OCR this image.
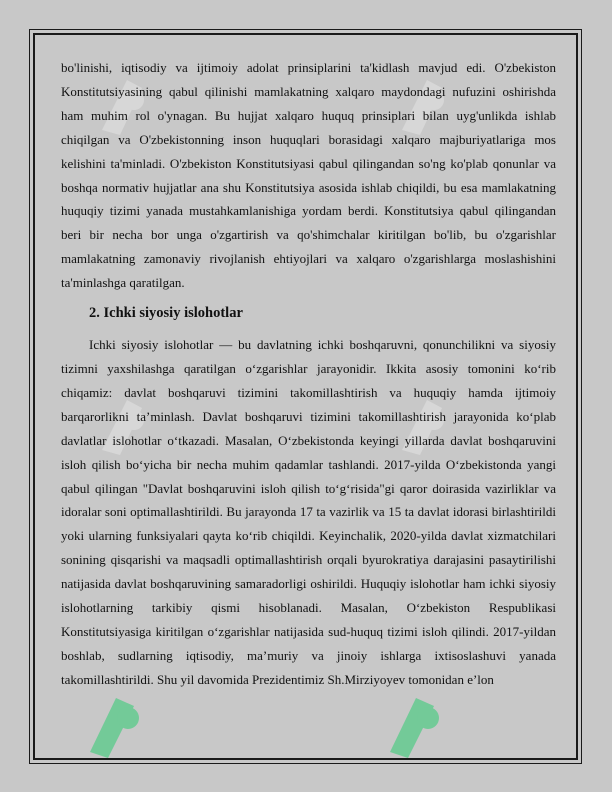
bo'linishi, iqtisodiy va ijtimoiy adolat prinsiplarini ta'kidlash mavjud edi. O'zbekiston Konstitutsiyasining qabul qilinishi mamlakatning xalqaro maydondagi nufuzini oshirishda ham muhim rol o'ynagan. Bu hujjat xalqaro huquq prinsiplari bilan uyg'unlikda ishlab chiqilgan va O'zbekistonning inson huquqlari borasidagi xalqaro majburiyatlariga mos kelishini ta'minladi. O'zbekiston Konstitutsiyasi qabul qilingandan so'ng ko'plab qonunlar va boshqa normativ hujjatlar ana shu Konstitutsiya asosida ishlab chiqildi, bu esa mamlakatning huquqiy tizimi yanada mustahkamlanishiga yordam berdi. Konstitutsiya qabul qilingandan beri bir necha bor unga o'zgartirish va qo'shimchalar kiritilgan bo'lib, bu o'zgarishlar mamlakatning zamonaviy rivojlanish ehtiyojlari va xalqaro o'zgarishlarga moslashishini ta'minlashga qaratilgan.

2. Ichki siyosiy islohotlar

Ichki siyosiy islohotlar — bu davlatning ichki boshqaruvni, qonunchilikni va siyosiy tizimni yaxshilashga qaratilgan o‘zgarishlar jarayonidir. Ikkita asosiy tomonini ko‘rib chiqamiz: davlat boshqaruvi tizimini takomillashtirish va huquqiy hamda ijtimoiy barqarorlikni ta’minlash. Davlat boshqaruvi tizimini takomillashtirish jarayonida ko‘plab davlatlar islohotlar o‘tkazadi. Masalan, O‘zbekistonda keyingi yillarda davlat boshqaruvini isloh qilish bo‘yicha bir necha muhim qadamlar tashlandi. 2017-yilda O‘zbekistonda yangi qabul qilingan "Davlat boshqaruvini isloh qilish to‘g‘risida"gi qaror doirasida vazirliklar va idoralar soni optimallashtirildi. Bu jarayonda 17 ta vazirlik va 15 ta davlat idorasi birlashtirildi yoki ularning funksiyalari qayta ko‘rib chiqildi. Keyinchalik, 2020-yilda davlat xizmatchilari sonining qisqarishi va maqsadli optimallashtirish orqali byurokratiya darajasini pasaytirilishi natijasida davlat boshqaruvining samaradorligi oshirildi. Huquqiy islohotlar ham ichki siyosiy islohotlarning tarkibiy qismi hisoblanadi. Masalan, O‘zbekiston Respublikasi Konstitutsiyasiga kiritilgan o‘zgarishlar natijasida sud-huquq tizimi isloh qilindi. 2017-yildan boshlab, sudlarning iqtisodiy, ma’muriy va jinoiy ishlarga ixtisoslashuvi yanada takomillashtirildi. Shu yil davomida Prezidentimiz Sh.Mirziyoyev tomonidan e’lon
